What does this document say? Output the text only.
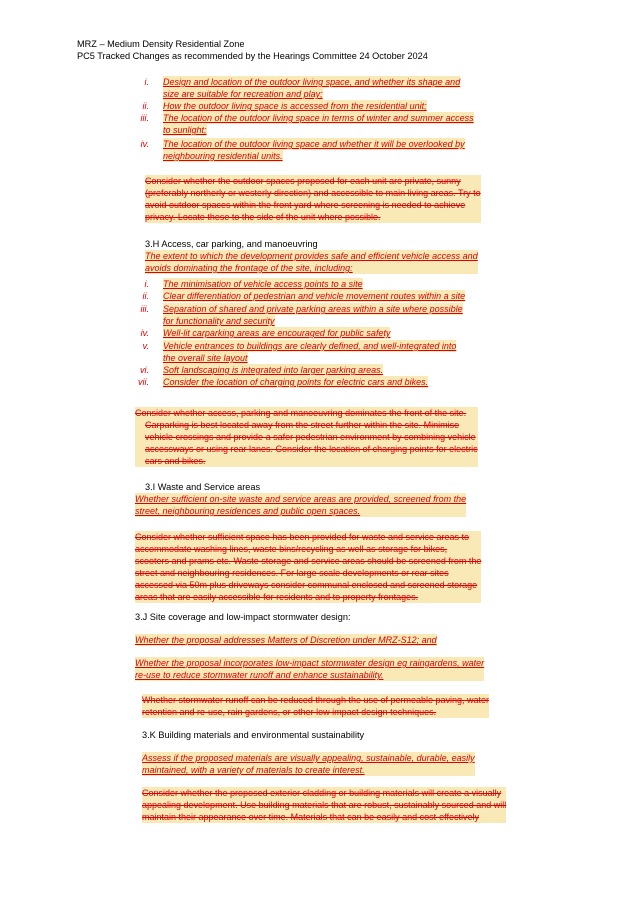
MRZ – Medium Density Residential Zone
PC5 Tracked Changes as recommended by the Hearings Committee 24 October 2024
i. Design and location of the outdoor living space, and whether its shape and
size are suitable for recreation and play;
ii. How the outdoor living space is accessed from the residential unit;
iii. The location of the outdoor living space in terms of winter and summer access
to sunlight;
iv. The location of the outdoor living space and whether it will be overlooked by
neighbouring residential units.
Consider whether the outdoor spaces proposed for each unit are private, sunny
(preferably northerly or westerly direction) and accessible to main living areas. Try to
avoid outdoor spaces within the front yard where screening is needed to achieve
privacy. Locate these to the side of the unit where possible.
3.H Access, car parking, and manoeuvring
The extent to which the development provides safe and efficient vehicle access and
avoids dominating the frontage of the site, including:
i. The minimisation of vehicle access points to a site
ii. Clear differentiation of pedestrian and vehicle movement routes within a site
iii. Separation of shared and private parking areas within a site where possible
for functionality and security
iv. Well-lit carparking areas are encouraged for public safety
v. Vehicle entrances to buildings are clearly defined, and well-integrated into
the overall site layout
vi. Soft landscaping is integrated into larger parking areas.
vii. Consider the location of charging points for electric cars and bikes.
Consider whether access, parking and manoeuvring dominates the front of the site.
Carparking is best located away from the street further within the site. Minimise
vehicle crossings and provide a safer pedestrian environment by combining vehicle
accessways or using rear lanes. Consider the location of charging points for electric
cars and bikes.
3.I Waste and Service areas
Whether sufficient on-site waste and service areas are provided, screened from the
street, neighbouring residences and public open spaces.
Consider whether sufficient space has been provided for waste and service areas to
accommodate washing lines, waste bins/recycling as well as storage for bikes,
scooters and prams etc. Waste storage and service areas should be screened from the
street and neighbouring residences. For large scale developments or rear sites
accessed via 50m plus driveways consider communal enclosed and screened storage
areas that are easily accessible for residents and to property frontages.
3.J Site coverage and low-impact stormwater design:
Whether the proposal addresses Matters of Discretion under MRZ-S12; and
Whether the proposal incorporates low-impact stormwater design eg raingardens, water
re-use to reduce stormwater runoff and enhance sustainability.
Whether stormwater runoff can be reduced through the use of permeable paving, water
retention and re-use, rain gardens, or other low impact design techniques.
3.K Building materials and environmental sustainability
Assess if the proposed materials are visually appealing, sustainable, durable, easily
maintained, with a variety of materials to create interest.
Consider whether the proposed exterior cladding or building materials will create a visually
appealing development. Use building materials that are robust, sustainably sourced and will
maintain their appearance over time. Materials that can be easily and cost-effectively
